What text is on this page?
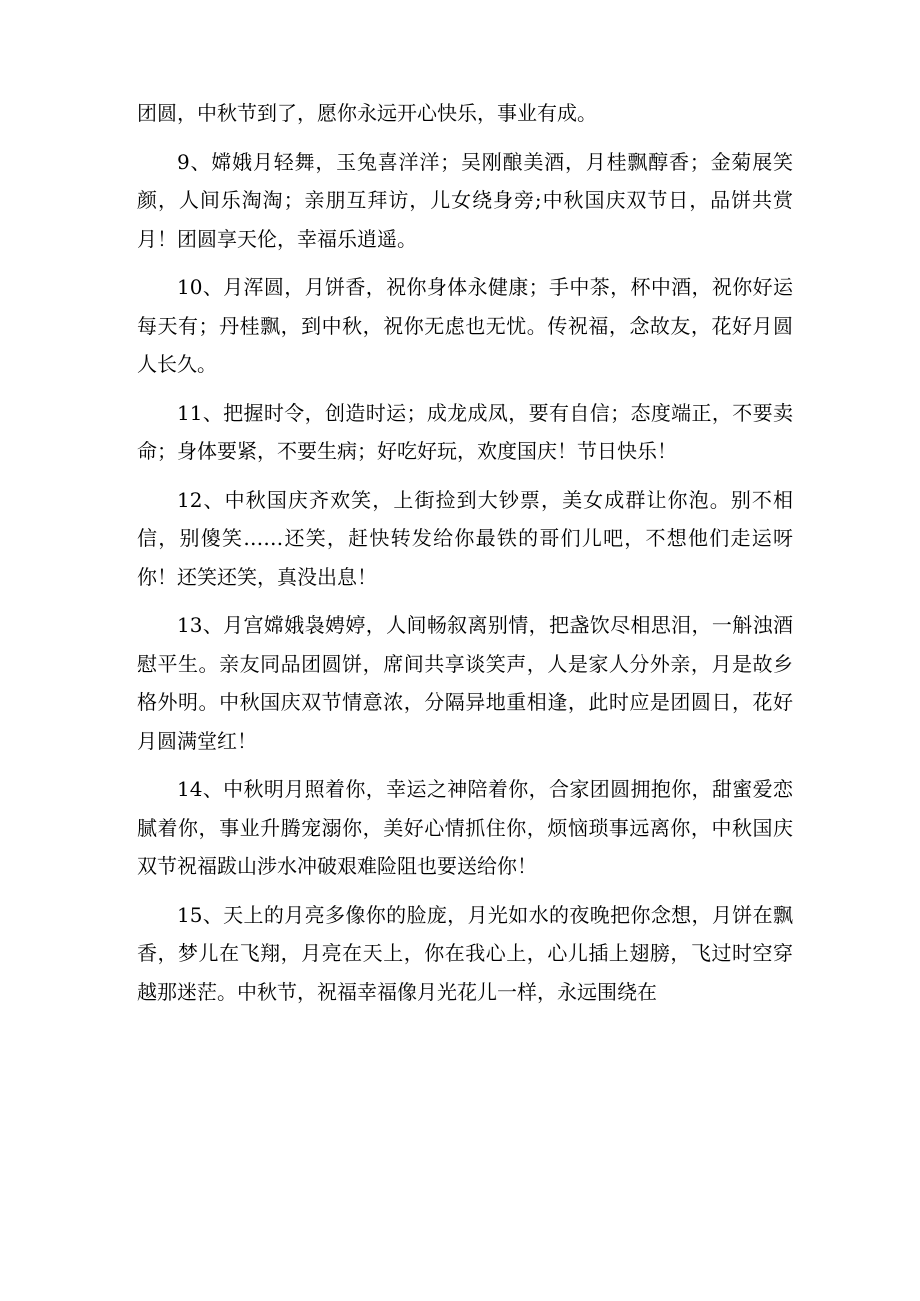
团圆，中秋节到了，愿你永远开心快乐，事业有成。

9、嫦娥月轻舞，玉兔喜洋洋；吴刚酿美酒，月桂飘醇香；金菊展笑颜，人间乐淘淘；亲朋互拜访，儿女绕身旁;中秋国庆双节日，品饼共赏月！团圆享天伦，幸福乐逍遥。

10、月浑圆，月饼香，祝你身体永健康；手中茶，杯中酒，祝你好运每天有；丹桂飘，到中秋，祝你无虑也无忧。传祝福，念故友，花好月圆人长久。

11、把握时令，创造时运；成龙成凤，要有自信；态度端正，不要卖命；身体要紧，不要生病；好吃好玩，欢度国庆！节日快乐！

12、中秋国庆齐欢笑，上街捡到大钞票，美女成群让你泡。别不相信，别傻笑……还笑，赶快转发给你最铁的哥们儿吧，不想他们走运呀你！还笑还笑，真没出息！

13、月宫嫦娥袅娉婷，人间畅叙离别情，把盏饮尽相思泪，一斛浊酒慰平生。亲友同品团圆饼，席间共享谈笑声，人是家人分外亲，月是故乡格外明。中秋国庆双节情意浓，分隔异地重相逢，此时应是团圆日，花好月圆满堂红！

14、中秋明月照着你，幸运之神陪着你，合家团圆拥抱你，甜蜜爱恋腻着你，事业升腾宠溺你，美好心情抓住你，烦恼琐事远离你，中秋国庆双节祝福跋山涉水冲破艰难险阻也要送给你！

15、天上的月亮多像你的脸庞，月光如水的夜晚把你念想，月饼在飘香，梦儿在飞翔，月亮在天上，你在我心上，心儿插上翅膀，飞过时空穿越那迷茫。中秋节，祝福幸福像月光花儿一样，永远围绕在
